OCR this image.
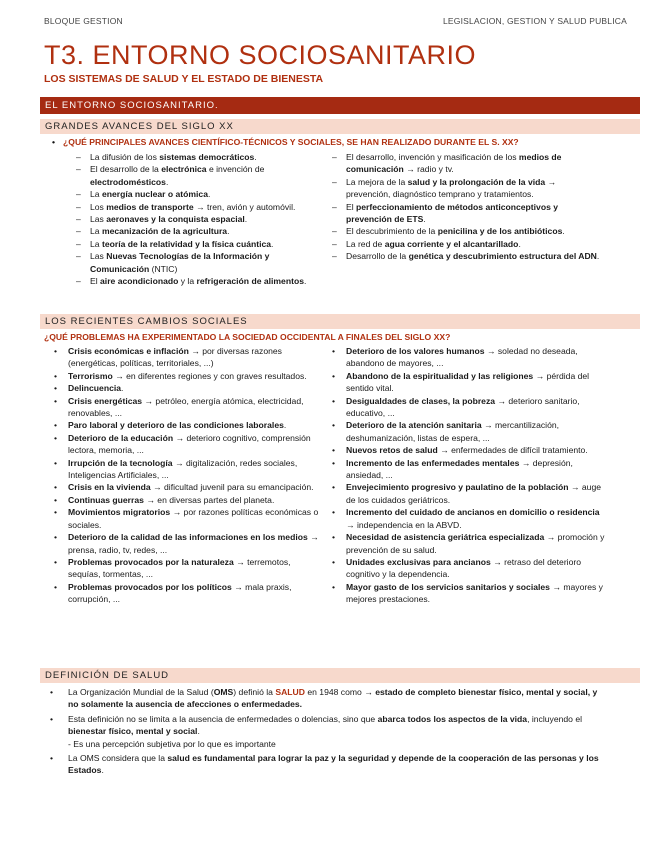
BLOQUE GESTION	LEGISLACION, GESTION Y SALUD PUBLICA
T3. ENTORNO SOCIOSANITARIO
LOS SISTEMAS DE SALUD Y EL ESTADO DE BIENESTA
EL ENTORNO SOCIOSANITARIO.
GRANDES AVANCES DEL SIGLO XX
• ¿QUÉ PRINCIPALES AVANCES CIENTÍFICO-TÉCNICOS Y SOCIALES, SE HAN REALIZADO DURANTE EL S. XX?
– La difusión de los sistemas democráticos.
– El desarrollo de la electrónica e invención de electrodomésticos.
– La energía nuclear o atómica.
– Los medios de transporte → tren, avión y automóvil.
– Las aeronaves y la conquista espacial.
– La mecanización de la agricultura.
– La teoría de la relatividad y la física cuántica.
– Las Nuevas Tecnologías de la Información y Comunicación (NTIC)
– El aire acondicionado y la refrigeración de alimentos.
– El desarrollo, invención y masificación de los medios de comunicación → radio y tv.
– La mejora de la salud y la prolongación de la vida → prevención, diagnóstico temprano y tratamientos.
– El perfeccionamiento de métodos anticonceptivos y prevención de ETS.
– El descubrimiento de la penicilina y de los antibióticos.
– La red de agua corriente y el alcantarillado.
– Desarrollo de la genética y descubrimiento estructura del ADN.
LOS RECIENTES CAMBIOS SOCIALES
¿QUÉ PROBLEMAS HA EXPERIMENTADO LA SOCIEDAD OCCIDENTAL A FINALES DEL SIGLO XX?
• Crisis económicas e inflación → por diversas razones (energéticas, políticas, territoriales, ...)
• Terrorismo → en diferentes regiones y con graves resultados.
• Delincuencia.
• Crisis energéticas → petróleo, energía atómica, electricidad, renovables, ...
• Paro laboral y deterioro de las condiciones laborales.
• Deterioro de la educación → deterioro cognitivo, comprensión lectora, memoria, ...
• Irrupción de la tecnología → digitalización, redes sociales, Inteligencias Artificiales, ...
• Crisis en la vivienda → dificultad juvenil para su emancipación.
• Continuas guerras → en diversas partes del planeta.
• Movimientos migratorios → por razones políticas económicas o sociales.
• Deterioro de la calidad de las informaciones en los medios → prensa, radio, tv, redes, ...
• Problemas provocados por la naturaleza → terremotos, sequías, tormentas, ...
• Problemas provocados por los políticos → mala praxis, corrupción, ...
• Deterioro de los valores humanos → soledad no deseada, abandono de mayores, ...
• Abandono de la espiritualidad y las religiones → pérdida del sentido vital.
• Desigualdades de clases, la pobreza → deterioro sanitario, educativo, ...
• Deterioro de la atención sanitaria → mercantilización, deshumanización, listas de espera, ...
• Nuevos retos de salud → enfermedades de difícil tratamiento.
• Incremento de las enfermedades mentales → depresión, ansiedad, ...
• Envejecimiento progresivo y paulatino de la población → auge de los cuidados geriátricos.
• Incremento del cuidado de ancianos en domicilio o residencia → independencia en la ABVD.
• Necesidad de asistencia geriátrica especializada → promoción y prevención de su salud.
• Unidades exclusivas para ancianos → retraso del deterioro cognitivo y la dependencia.
• Mayor gasto de los servicios sanitarios y sociales → mayores y mejores prestaciones.
DEFINICIÓN DE SALUD
• La Organización Mundial de la Salud (OMS) definió la SALUD en 1948 como → estado de completo bienestar físico, mental y social, y no solamente la ausencia de afecciones o enfermedades.
• Esta definición no se limita a la ausencia de enfermedades o dolencias, sino que abarca todos los aspectos de la vida, incluyendo el bienestar físico, mental y social.
- Es una percepción subjetiva por lo que es importante
• La OMS considera que la salud es fundamental para lograr la paz y la seguridad y depende de la cooperación de las personas y los Estados.
